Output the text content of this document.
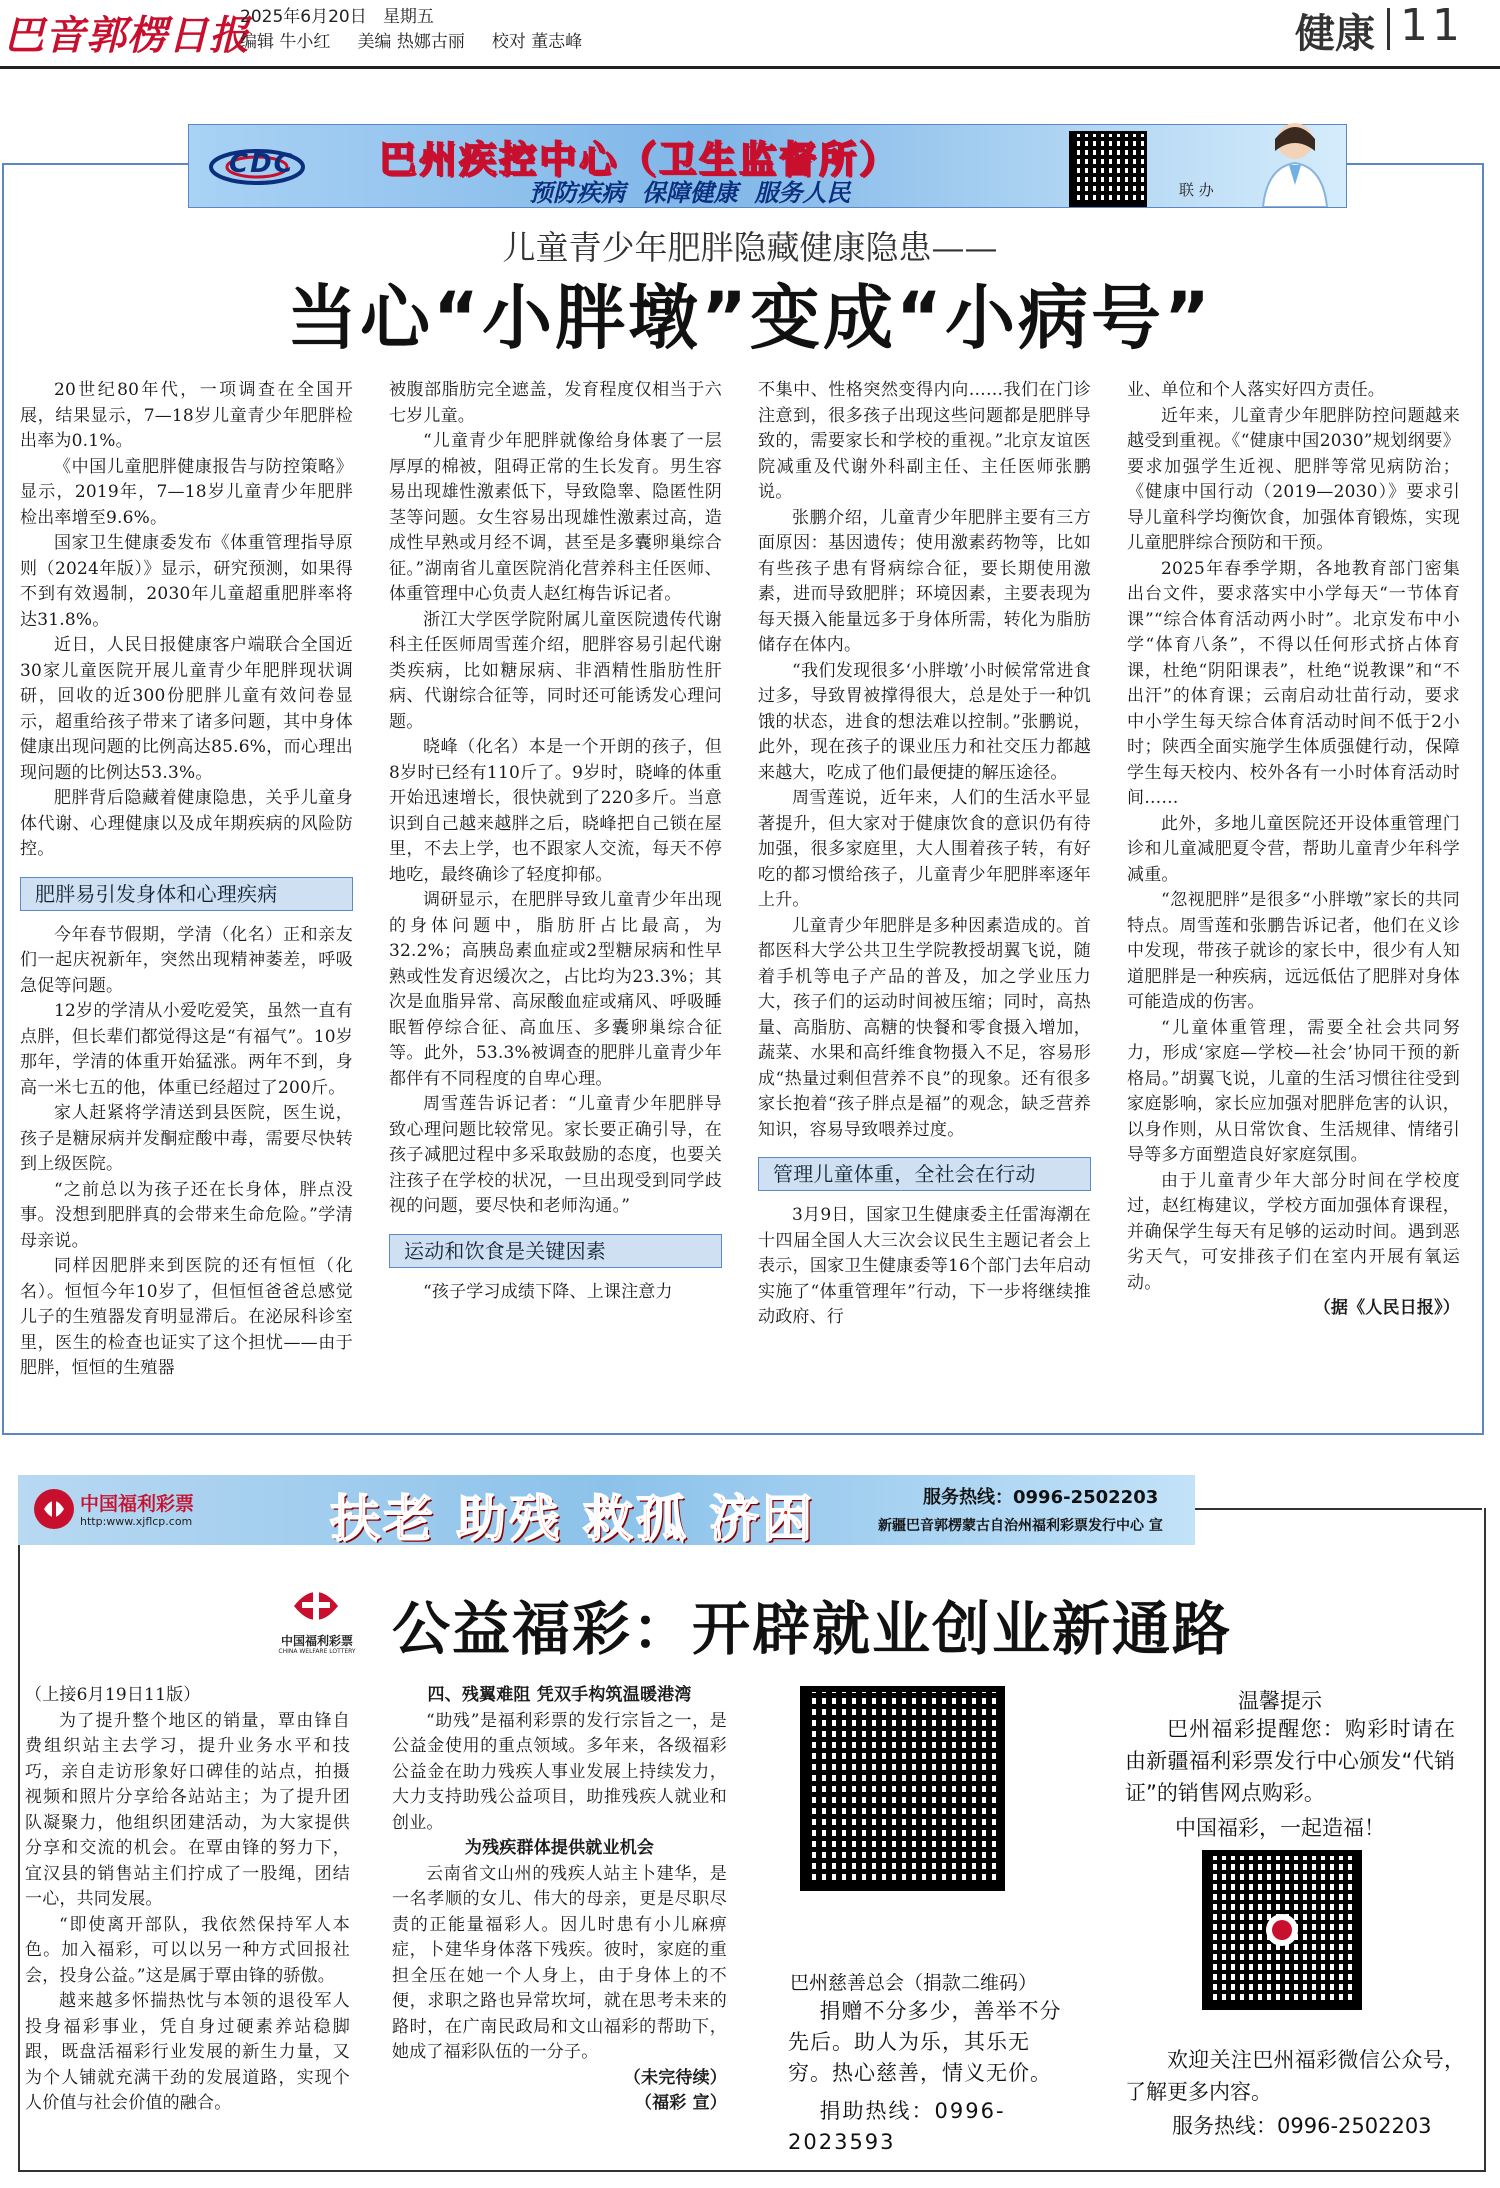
巴音郭楞日报
2025年6月20日 星期五
编辑 牛小红 美编 热娜古丽 校对 董志峰	健康 11
CDC 巴州疾控中心（卫生监督所）
预防疾病 保障健康 服务人民	联 办
儿童青少年肥胖隐藏健康隐患——
当心“小胖墩”变成“小病号”

20世纪80年代，一项调查在全国开展，结果显示，7—18岁儿童青少年肥胖检出率为0.1%。

《中国儿童肥胖健康报告与防控策略》显示，2019年，7—18岁儿童青少年肥胖检出率增至9.6%。

国家卫生健康委发布《体重管理指导原则（2024年版）》显示，研究预测，如果得不到有效遏制，2030年儿童超重肥胖率将达31.8%。

近日，人民日报健康客户端联合全国近30家儿童医院开展儿童青少年肥胖现状调研，回收的近300份肥胖儿童有效问卷显示，超重给孩子带来了诸多问题，其中身体健康出现问题的比例高达85.6%，而心理出现问题的比例达53.3%。

肥胖背后隐藏着健康隐患，关乎儿童身体代谢、心理健康以及成年期疾病的风险防控。

肥胖易引发身体和心理疾病

今年春节假期，学清（化名）正和亲友们一起庆祝新年，突然出现精神萎差，呼吸急促等问题。

12岁的学清从小爱吃爱笑，虽然一直有点胖，但长辈们都觉得这是“有福气”。10岁那年，学清的体重开始猛涨。两年不到，身高一米七五的他，体重已经超过了200斤。

家人赶紧将学清送到县医院，医生说，孩子是糖尿病并发酮症酸中毒，需要尽快转到上级医院。

“之前总以为孩子还在长身体，胖点没事。没想到肥胖真的会带来生命危险。”学清母亲说。

同样因肥胖来到医院的还有恒恒（化名）。恒恒今年10岁了，但恒恒爸爸总感觉儿子的生殖器发育明显滞后。在泌尿科诊室里，医生的检查也证实了这个担忧——由于肥胖，恒恒的生殖器

被腹部脂肪完全遮盖，发育程度仅相当于六七岁儿童。

“儿童青少年肥胖就像给身体裹了一层厚厚的棉被，阻碍正常的生长发育。男生容易出现雄性激素低下，导致隐睾、隐匿性阴茎等问题。女生容易出现雄性激素过高，造成性早熟或月经不调，甚至是多囊卵巢综合征。”湖南省儿童医院消化营养科主任医师、体重管理中心负责人赵红梅告诉记者。

浙江大学医学院附属儿童医院遗传代谢科主任医师周雪莲介绍，肥胖容易引起代谢类疾病，比如糖尿病、非酒精性脂肪性肝病、代谢综合征等，同时还可能诱发心理问题。

晓峰（化名）本是一个开朗的孩子，但8岁时已经有110斤了。9岁时，晓峰的体重开始迅速增长，很快就到了220多斤。当意识到自己越来越胖之后，晓峰把自己锁在屋里，不去上学，也不跟家人交流，每天不停地吃，最终确诊了轻度抑郁。

调研显示，在肥胖导致儿童青少年出现的身体问题中，脂肪肝占比最高，为32.2%；高胰岛素血症或2型糖尿病和性早熟或性发育迟缓次之，占比均为23.3%；其次是血脂异常、高尿酸血症或痛风、呼吸睡眠暂停综合征、高血压、多囊卵巢综合征等。此外，53.3%被调查的肥胖儿童青少年都伴有不同程度的自卑心理。

周雪莲告诉记者：“儿童青少年肥胖导致心理问题比较常见。家长要正确引导，在孩子减肥过程中多采取鼓励的态度，也要关注孩子在学校的状况，一旦出现受到同学歧视的问题，要尽快和老师沟通。”

运动和饮食是关键因素

“孩子学习成绩下降、上课注意力

不集中、性格突然变得内向……我们在门诊注意到，很多孩子出现这些问题都是肥胖导致的，需要家长和学校的重视。”北京友谊医院减重及代谢外科副主任、主任医师张鹏说。

张鹏介绍，儿童青少年肥胖主要有三方面原因：基因遗传；使用激素药物等，比如有些孩子患有肾病综合征，要长期使用激素，进而导致肥胖；环境因素，主要表现为每天摄入能量远多于身体所需，转化为脂肪储存在体内。

“我们发现很多‘小胖墩’小时候常常进食过多，导致胃被撑得很大，总是处于一种饥饿的状态，进食的想法难以控制。”张鹏说，此外，现在孩子的课业压力和社交压力都越来越大，吃成了他们最便捷的解压途径。

周雪莲说，近年来，人们的生活水平显著提升，但大家对于健康饮食的意识仍有待加强，很多家庭里，大人围着孩子转，有好吃的都习惯给孩子，儿童青少年肥胖率逐年上升。

儿童青少年肥胖是多种因素造成的。首都医科大学公共卫生学院教授胡翼飞说，随着手机等电子产品的普及，加之学业压力大，孩子们的运动时间被压缩；同时，高热量、高脂肪、高糖的快餐和零食摄入增加，蔬菜、水果和高纤维食物摄入不足，容易形成“热量过剩但营养不良”的现象。还有很多家长抱着“孩子胖点是福”的观念，缺乏营养知识，容易导致喂养过度。

管理儿童体重，全社会在行动

3月9日，国家卫生健康委主任雷海潮在十四届全国人大三次会议民生主题记者会上表示，国家卫生健康委等16个部门去年启动实施了“体重管理年”行动，下一步将继续推动政府、行

业、单位和个人落实好四方责任。

近年来，儿童青少年肥胖防控问题越来越受到重视。《“健康中国2030”规划纲要》要求加强学生近视、肥胖等常见病防治；《健康中国行动（2019—2030）》要求引导儿童科学均衡饮食，加强体育锻炼，实现儿童肥胖综合预防和干预。

2025年春季学期，各地教育部门密集出台文件，要求落实中小学每天“一节体育课”“综合体育活动两小时”。北京发布中小学“体育八条”，不得以任何形式挤占体育课，杜绝“阴阳课表”，杜绝“说教课”和“不出汗”的体育课；云南启动壮苗行动，要求中小学生每天综合体育活动时间不低于2小时；陕西全面实施学生体质强健行动，保障学生每天校内、校外各有一小时体育活动时间……

此外，多地儿童医院还开设体重管理门诊和儿童减肥夏令营，帮助儿童青少年科学减重。

“忽视肥胖”是很多“小胖墩”家长的共同特点。周雪莲和张鹏告诉记者，他们在义诊中发现，带孩子就诊的家长中，很少有人知道肥胖是一种疾病，远远低估了肥胖对身体可能造成的伤害。

“儿童体重管理，需要全社会共同努力，形成‘家庭—学校—社会’协同干预的新格局。”胡翼飞说，儿童的生活习惯往往受到家庭影响，家长应加强对肥胖危害的认识，以身作则，从日常饮食、生活规律、情绪引导等多方面塑造良好家庭氛围。

由于儿童青少年大部分时间在学校度过，赵红梅建议，学校方面加强体育课程，并确保学生每天有足够的运动时间。遇到恶劣天气，可安排孩子们在室内开展有氧运动。

（据《人民日报》）

中国福利彩票
http:www.xjflcp.com	扶老 助残 救孤 济困	服务热线：0996-2502203
新疆巴音郭楞蒙古自治州福利彩票发行中心 宣
中国福利彩票
CHINA WELFARE LOTTERY 公益福彩：开辟就业创业新通路

（上接6月19日11版）

为了提升整个地区的销量，覃由锋自费组织站主去学习，提升业务水平和技巧，亲自走访形象好口碑佳的站点，拍摄视频和照片分享给各站站主；为了提升团队凝聚力，他组织团建活动，为大家提供分享和交流的机会。在覃由锋的努力下，宜汉县的销售站主们拧成了一股绳，团结一心，共同发展。

“即使离开部队，我依然保持军人本色。加入福彩，可以以另一种方式回报社会，投身公益。”这是属于覃由锋的骄傲。

越来越多怀揣热忱与本领的退役军人投身福彩事业，凭自身过硬素养站稳脚跟，既盘活福彩行业发展的新生力量，又为个人铺就充满干劲的发展道路，实现个人价值与社会价值的融合。

四、残翼难阻 凭双手构筑温暖港湾

“助残”是福利彩票的发行宗旨之一，是公益金使用的重点领域。多年来，各级福彩公益金在助力残疾人事业发展上持续发力，大力支持助残公益项目，助推残疾人就业和创业。

为残疾群体提供就业机会

云南省文山州的残疾人站主卜建华，是一名孝顺的女儿、伟大的母亲，更是尽职尽责的正能量福彩人。因儿时患有小儿麻痹症，卜建华身体落下残疾。彼时，家庭的重担全压在她一个人身上，由于身体上的不便，求职之路也异常坎坷，就在思考未来的路时，在广南民政局和文山福彩的帮助下，她成了福彩队伍的一分子。

（未完待续）

（福彩 宣）

巴州慈善总会（捐款二维码）
捐赠不分多少，善举不分先后。助人为乐，其乐无穷。热心慈善，情义无价。
捐助热线：0996-2023593
温馨提示
巴州福彩提醒您：购彩时请在由新疆福利彩票发行中心颁发“代销证”的销售网点购彩。
中国福彩，一起造福！
欢迎关注巴州福彩微信公众号，了解更多内容。
服务热线：0996-2502203
